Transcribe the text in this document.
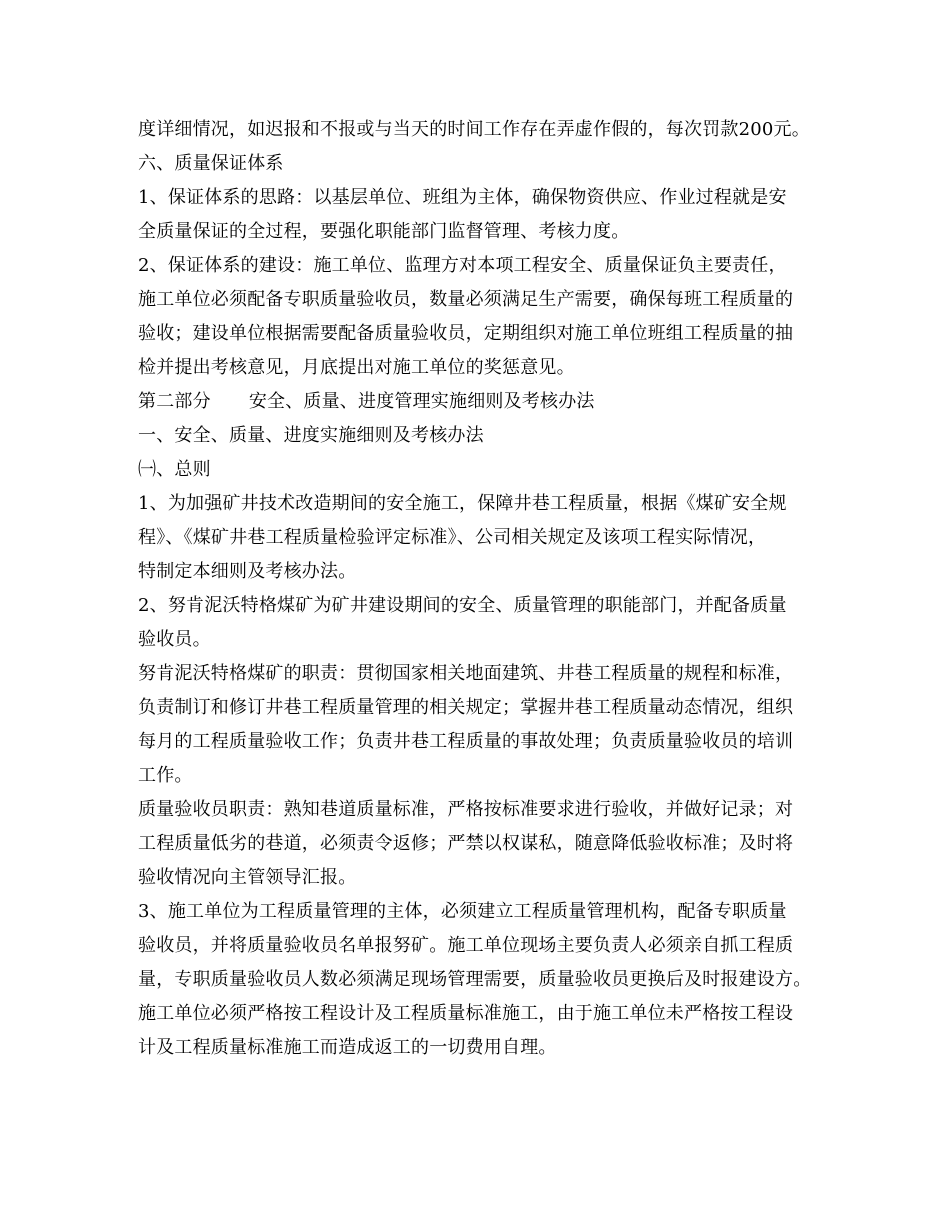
度详细情况，如迟报和不报或与当天的时间工作存在弄虚作假的，每次罚款200元。
六、质量保证体系
1、保证体系的思路：以基层单位、班组为主体，确保物资供应、作业过程就是安
全质量保证的全过程，要强化职能部门监督管理、考核力度。
2、保证体系的建设：施工单位、监理方对本项工程安全、质量保证负主要责任，
施工单位必须配备专职质量验收员，数量必须满足生产需要，确保每班工程质量的
验收；建设单位根据需要配备质量验收员，定期组织对施工单位班组工程质量的抽
检并提出考核意见，月底提出对施工单位的奖惩意见。
第二部分 安全、质量、进度管理实施细则及考核办法
一、安全、质量、进度实施细则及考核办法
㈠、总则
1、为加强矿井技术改造期间的安全施工，保障井巷工程质量，根据《煤矿安全规
程》、《煤矿井巷工程质量检验评定标准》、公司相关规定及该项工程实际情况，
特制定本细则及考核办法。
2、努肯泥沃特格煤矿为矿井建设期间的安全、质量管理的职能部门，并配备质量
验收员。
努肯泥沃特格煤矿的职责：贯彻国家相关地面建筑、井巷工程质量的规程和标准，
负责制订和修订井巷工程质量管理的相关规定；掌握井巷工程质量动态情况，组织
每月的工程质量验收工作；负责井巷工程质量的事故处理；负责质量验收员的培训
工作。
质量验收员职责：熟知巷道质量标准，严格按标准要求进行验收，并做好记录；对
工程质量低劣的巷道，必须责令返修；严禁以权谋私，随意降低验收标准；及时将
验收情况向主管领导汇报。
3、施工单位为工程质量管理的主体，必须建立工程质量管理机构，配备专职质量
验收员，并将质量验收员名单报努矿。施工单位现场主要负责人必须亲自抓工程质
量，专职质量验收员人数必须满足现场管理需要，质量验收员更换后及时报建设方。
施工单位必须严格按工程设计及工程质量标准施工，由于施工单位未严格按工程设
计及工程质量标准施工而造成返工的一切费用自理。
